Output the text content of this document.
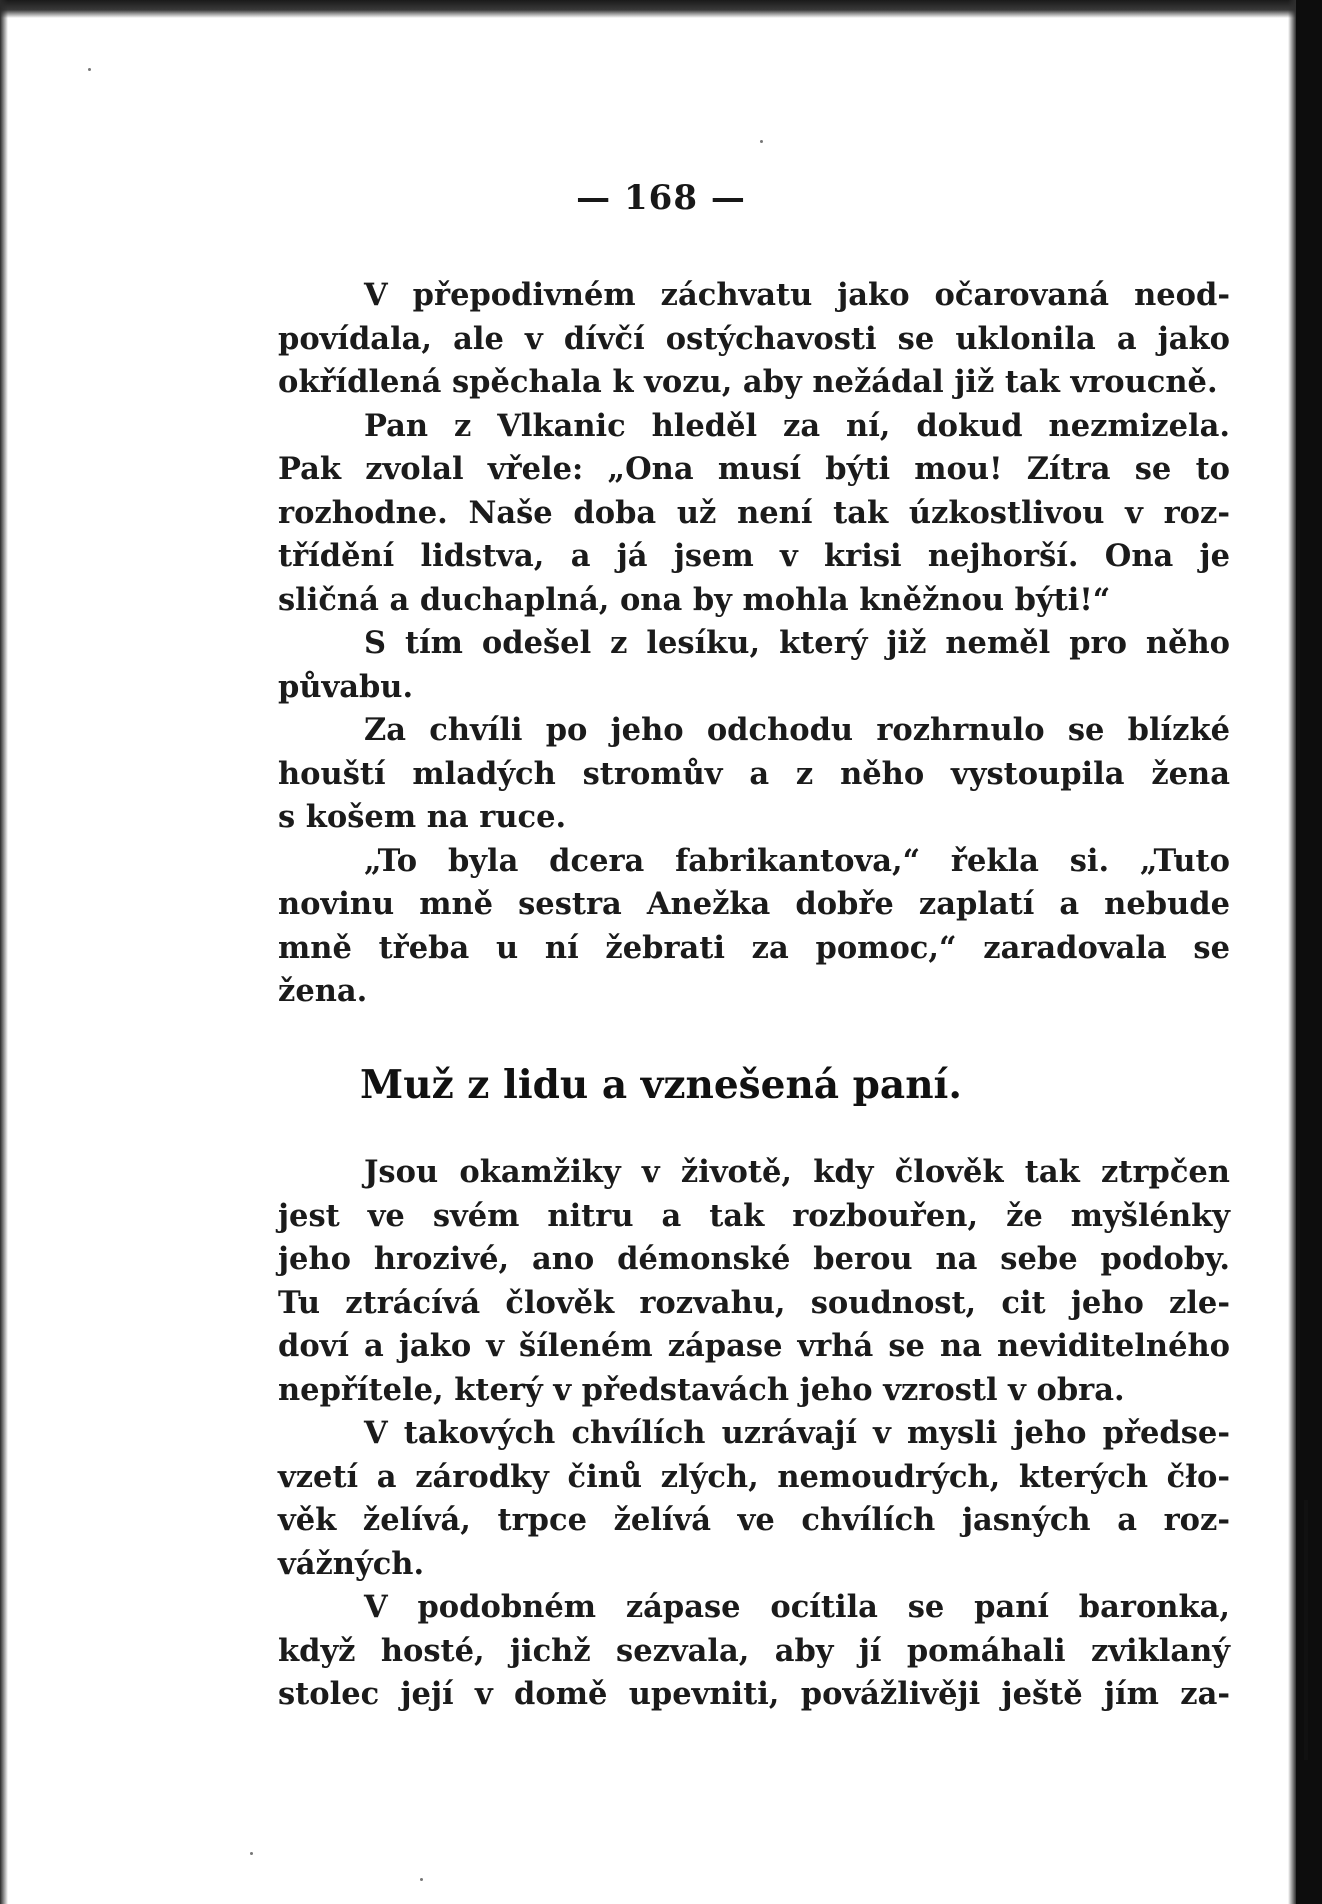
— 168 —
V přepodivném záchvatu jako očarovaná neod-
povídala, ale v dívčí ostýchavosti se uklonila a jako
okřídlená spěchala k vozu, aby nežádal již tak vroucně.
Pan z Vlkanic hleděl za ní, dokud nezmizela.
Pak zvolal vřele: „Ona musí býti mou! Zítra se to
rozhodne. Naše doba už není tak úzkostlivou v roz-
třídění lidstva, a já jsem v krisi nejhorší. Ona je
sličná a duchaplná, ona by mohla kněžnou býti!“
S tím odešel z lesíku, který již neměl pro něho
půvabu.
Za chvíli po jeho odchodu rozhrnulo se blízké
houští mladých stromův a z něho vystoupila žena
s košem na ruce.
„To byla dcera fabrikantova,“ řekla si. „Tuto
novinu mně sestra Anežka dobře zaplatí a nebude
mně třeba u ní žebrati za pomoc,“ zaradovala se
žena.
Muž z lidu a vznešená paní.
Jsou okamžiky v životě, kdy člověk tak ztrpčen
jest ve svém nitru a tak rozbouřen, že myšlénky
jeho hrozivé, ano démonské berou na sebe podoby.
Tu ztrácívá člověk rozvahu, soudnost, cit jeho zle-
doví a jako v šíleném zápase vrhá se na neviditelného
nepřítele, který v představách jeho vzrostl v obra.
V takových chvílích uzrávají v mysli jeho předse-
vzetí a zárodky činů zlých, nemoudrých, kterých čło-
věk želívá, trpce želívá ve chvílích jasných a roz-
vážných.
V podobném zápase ocítila se paní baronka,
když hosté, jichž sezvala, aby jí pomáhali zviklaný
stolec její v domě upevniti, povážlivěji ještě jím za-
